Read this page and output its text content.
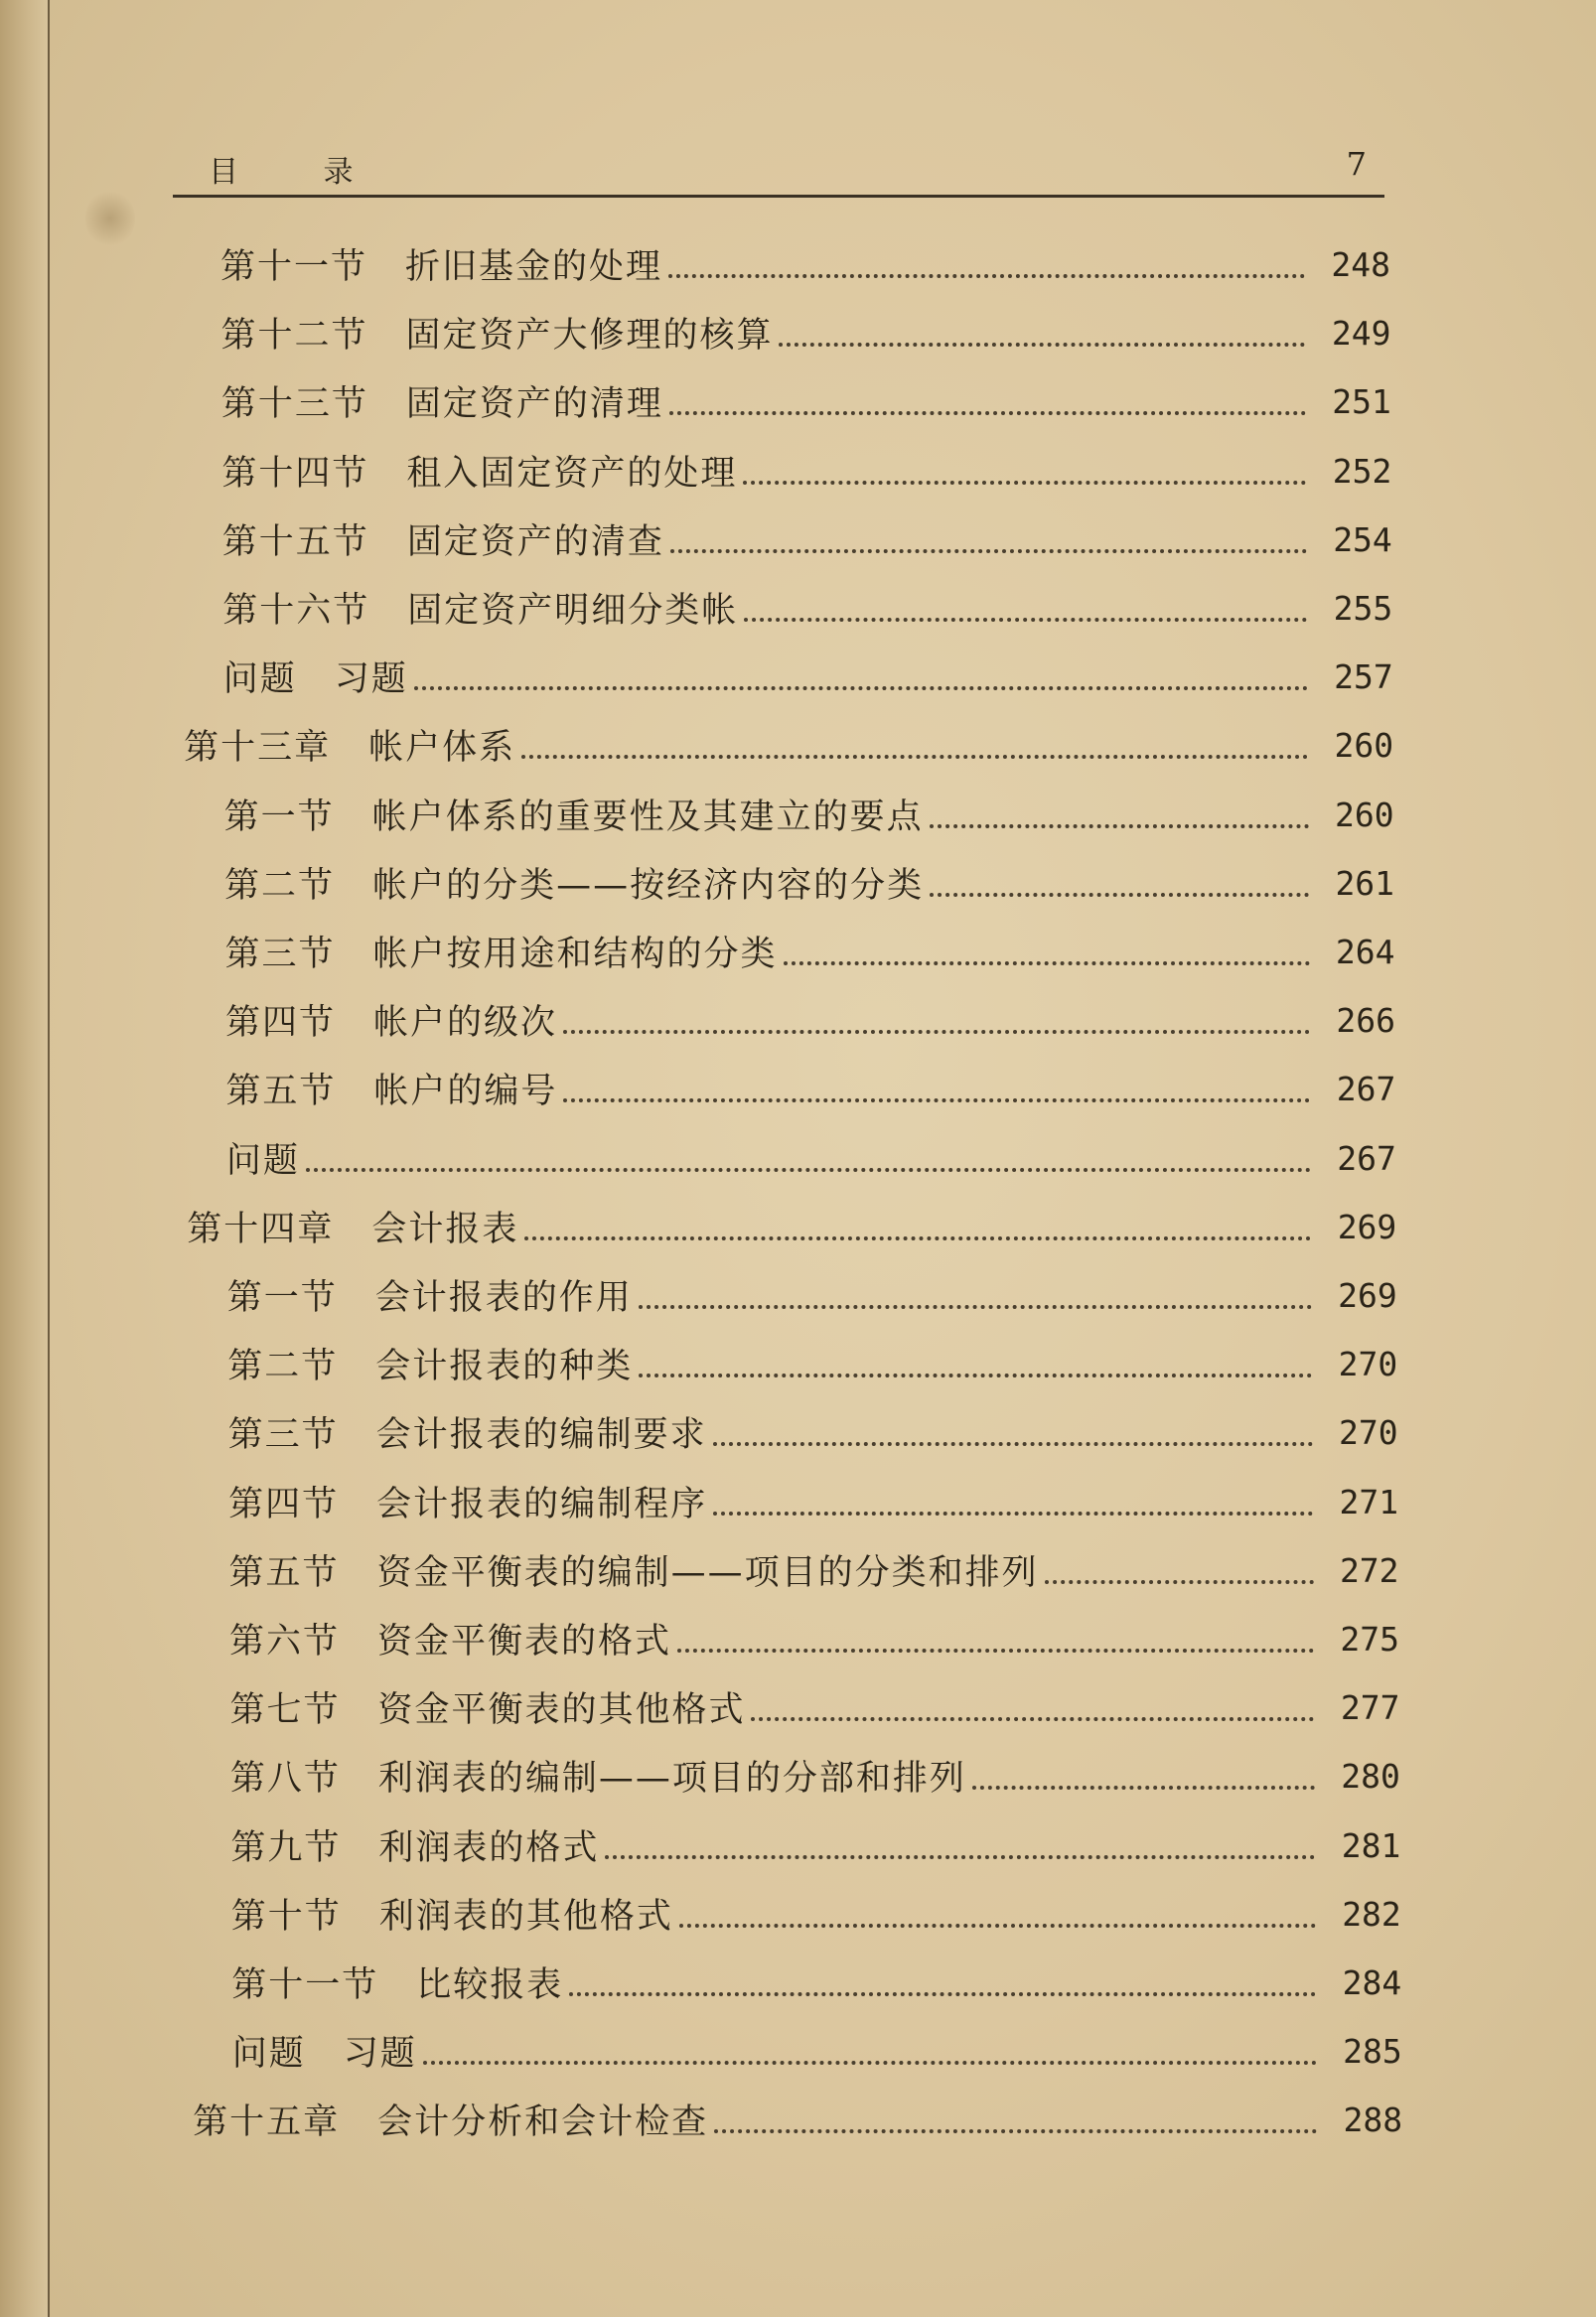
目 录	7
第十一节 折旧基金的处理	248
第十二节 固定资产大修理的核算	249
第十三节 固定资产的清理	251
第十四节 租入固定资产的处理	252
第十五节 固定资产的清查	254
第十六节 固定资产明细分类帐	255
问题 习题	257
第十三章 帐户体系	260
第一节 帐户体系的重要性及其建立的要点	260
第二节 帐户的分类——按经济内容的分类	261
第三节 帐户按用途和结构的分类	264
第四节 帐户的级次	266
第五节 帐户的编号	267
问题	267
第十四章 会计报表	269
第一节 会计报表的作用	269
第二节 会计报表的种类	270
第三节 会计报表的编制要求	270
第四节 会计报表的编制程序	271
第五节 资金平衡表的编制——项目的分类和排列	272
第六节 资金平衡表的格式	275
第七节 资金平衡表的其他格式	277
第八节 利润表的编制——项目的分部和排列	280
第九节 利润表的格式	281
第十节 利润表的其他格式	282
第十一节 比较报表	284
问题 习题	285
第十五章 会计分析和会计检查	288
